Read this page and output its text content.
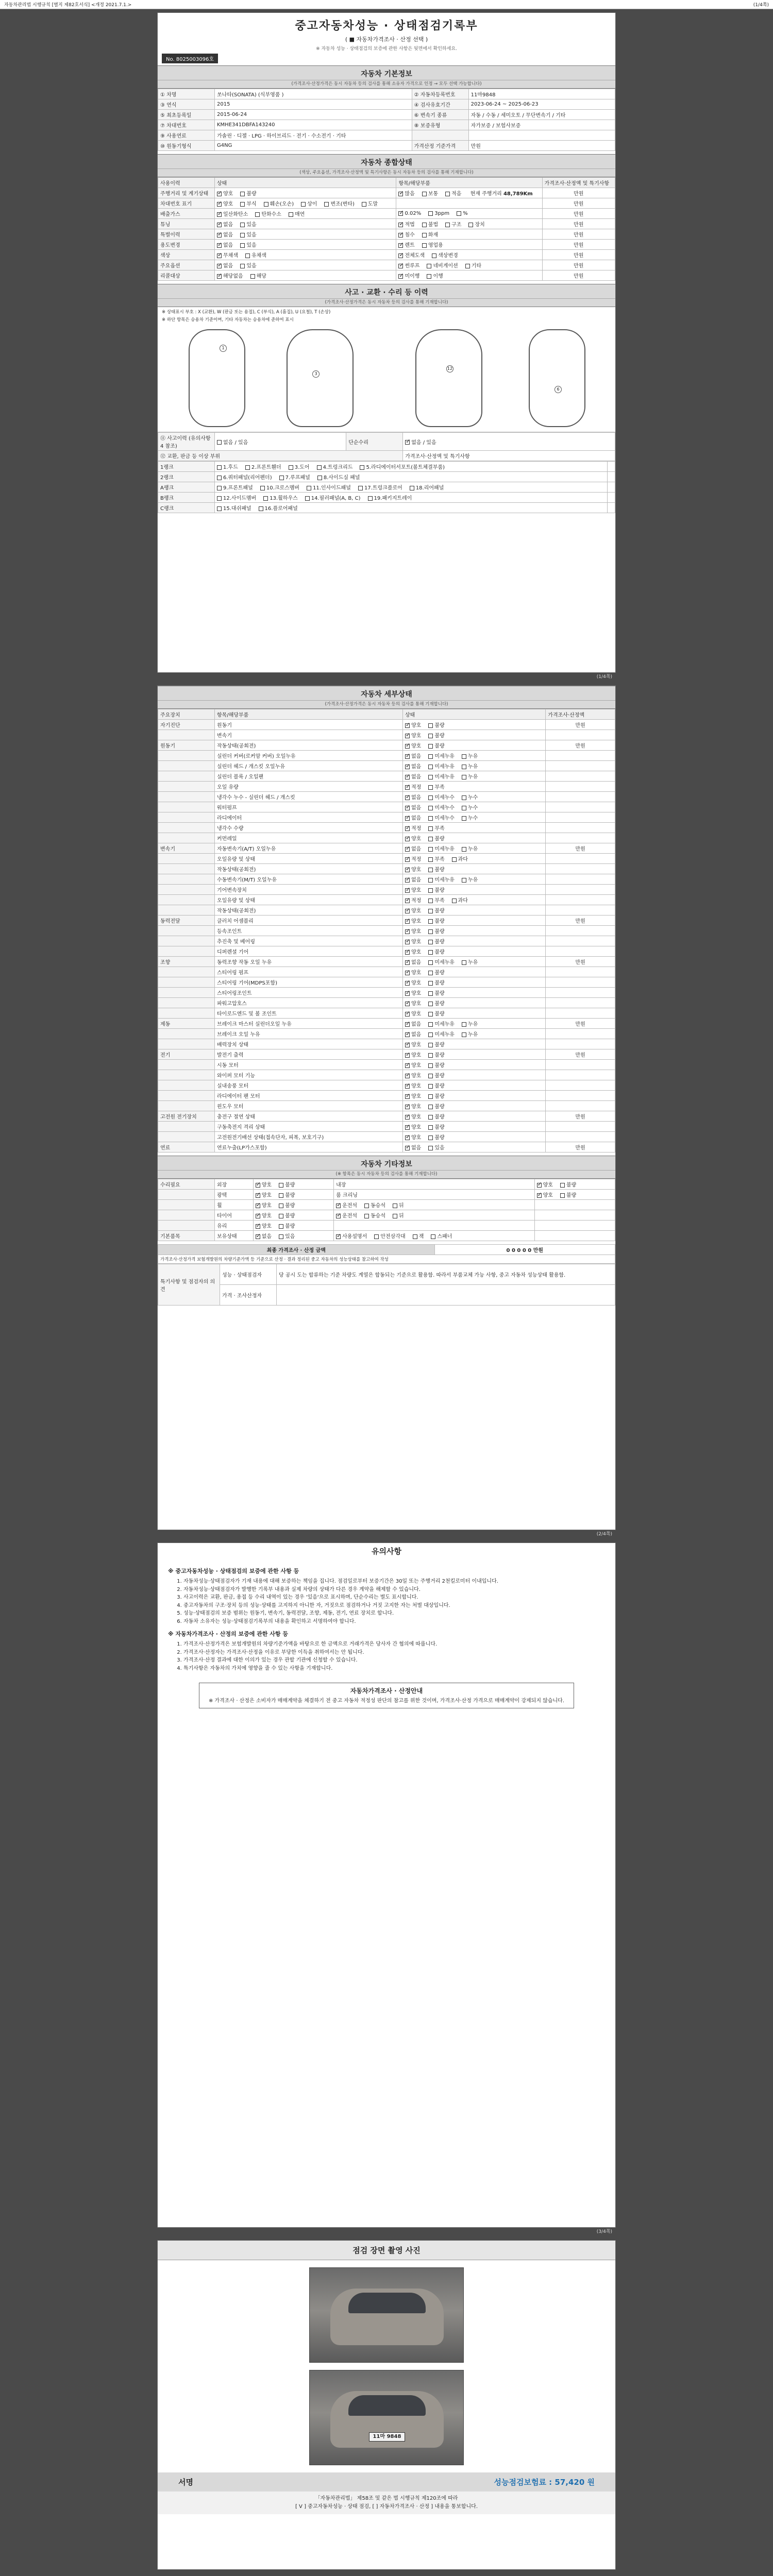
자동차관리법 시행규칙 [별지 제82호서식] <개정 2021.7.1.>	(1/4쪽)
중고자동차성능 · 상태점검기록부
( ■ 자동차가격조사 · 산정 선택 )
※ 자동차 성능 · 상태점검의 보증에 관한 사항은 뒷면에서 확인하세요.
No. 8025003096호
자동차 기본정보
(가격조사·산정가격은 동시 자동차 등의 검사를 통해 소유자 가격으로 인정 → 모두 선택 가능합니다)
① 차명	쏘나타(SONATA) (식부영품 )	② 자동차등록번호	11마9848
③ 연식	2015	④ 검사유효기간	2023-06-24 ~ 2025-06-23
⑤ 최초등록일	2015-06-24	⑥ 변속기 종류	자동 / 수동 / 세미오토 / 무단변속기 / 기타
⑦ 차대번호	KMHE341DBFA143240	⑧ 보증유형	자가보증 / 보험사보증
⑨ 사용연료	가솔린 · 디젤 · LPG · 하이브리드 · 전기 · 수소전기 · 기타		
⑩ 원동기형식	G4NG	가격산정 기준가격	만원
자동차 종합상태
(색상, 주요옵션, 가격조사·산정액 및 특기사항은 동시 자동차 등의 검사를 통해 기재합니다)
사용이력	상태	항목/해당부품	가격조사·산정액 및 특기사항
주행거리 및 계기상태	✓양호 불량	✓많음 보통 적음 현재 주행거리 48,789Km	만원
차대번호 표기	✓양호 부식 훼손(오손) 상이 변조(변타) 도말		만원
배출가스	✓일산화탄소 탄화수소 매연	✓0.02% 3ppm %	만원
튜닝	✓없음 있음	✓적법 불법 구조 장치	만원
특별이력	✓없음 있음	✓침수 화재	만원
용도변경	✓없음 있음	✓렌트 영업용	만원
색상	✓무채색 유채색	✓전체도색 색상변경	만원
주요옵션	✓없음 있음	✓썬루프 네비게이션 기타	만원
리콜대상	✓해당없음 해당	✓미이행 이행	만원
사고 · 교환 · 수리 등 이력
(가격조사·산정가격은 동시 자동차 등의 검사를 통해 기재합니다)
※ 상태표시 부호 : X (교환), W (판금 또는 용접), C (부식), A (흠집), U (요철), T (손상)
※ 하단 항목은 승용차 기준이며, 기타 자동차는 승용차에 준하여 표시
1
3
12
6
⑪ 사고이력 (유의사항 4 참조)	없음 / 있음	단순수리	✓없음 / 있음
⑫ 교환, 판금 등 이상 부위			가격조사·산정액 및 특기사항
1랭크	1.후드 2.프론트휀더 3.도어 4.트렁크리드 5.라디에이터서포트(볼트체결부품)	
2랭크	6.쿼터패널(리어펜더) 7.루프패널 8.사이드실 패널	
A랭크	9.프론트패널 10.크로스멤버 11.인사이드패널 17.트렁크플로어 18.리어패널	
B랭크	12.사이드멤버 13.휠하우스 14.필러패널(A, B, C) 19.패키지트레이	
C랭크	15.대쉬패널 16.플로어패널	
(1/4쪽)
자동차 세부상태
(가격조사·산정가격은 동시 자동차 등의 검사를 통해 기재합니다)
주요장치	항목/해당부품	상태	가격조사·산정액
자기진단	원동기	✓양호 불량	만원
	변속기	✓양호 불량	
원동기	작동상태(공회전)	✓양호 불량	만원
	실린더 커버(로커암 커버) 오일누유	✓없음 미세누유 누유	
	실린더 헤드 / 개스킷 오일누유	✓없음 미세누유 누유	
	실린더 블록 / 오일팬	✓없음 미세누유 누유	
	오일 유량	✓적정 부족	
	냉각수 누수 - 실린더 헤드 / 개스킷	✓없음 미세누수 누수	
	워터펌프	✓없음 미세누수 누수	
	라디에이터	✓없음 미세누수 누수	
	냉각수 수량	✓적정 부족	
	커먼레일	✓양호 불량	
변속기	자동변속기(A/T) 오일누유	✓없음 미세누유 누유	만원
	오일유량 및 상태	✓적정 부족 과다	
	작동상태(공회전)	✓양호 불량	
	수동변속기(M/T) 오일누유	✓없음 미세누유 누유	
	기어변속장치	✓양호 불량	
	오일유량 및 상태	✓적정 부족 과다	
	작동상태(공회전)	✓양호 불량	
동력전달	클러치 어셈블리	✓양호 불량	만원
	등속조인트	✓양호 불량	
	추진축 및 베어링	✓양호 불량	
	디퍼렌셜 기어	✓양호 불량	
조향	동력조향 작동 오일 누유	✓없음 미세누유 누유	만원
	스티어링 펌프	✓양호 불량	
	스티어링 기어(MDPS포함)	✓양호 불량	
	스티어링조인트	✓양호 불량	
	파워고압호스	✓양호 불량	
	타이로드엔드 및 볼 조인트	✓양호 불량	
제동	브레이크 마스터 실린더오일 누유	✓없음 미세누유 누유	만원
	브레이크 오일 누유	✓없음 미세누유 누유	
	배력장치 상태	✓양호 불량	
전기	발전기 출력	✓양호 불량	만원
	시동 모터	✓양호 불량	
	와이퍼 모터 기능	✓양호 불량	
	실내송풍 모터	✓양호 불량	
	라디에이터 팬 모터	✓양호 불량	
	윈도우 모터	✓양호 불량	
고전원 전기장치	충전구 절연 상태	✓양호 불량	만원
	구동축전지 격리 상태	✓양호 불량	
	고전원전기배선 상태(접속단자, 피복, 보호기구)	✓양호 불량	
연료	연료누출(LP가스포함)	✓없음 있음	만원
자동차 기타정보
(※ 항목은 동시 자동차 등의 검사를 통해 기재합니다)
수리필요	외장	✓양호 불량	내장	✓양호 불량
	광택	✓양호 불량	룸 크리닝	✓양호 불량
	휠	✓양호 불량	✓운전석 동승석 뒤	
	타이어	✓양호 불량	✓운전석 동승석 뒤	
	유리	✓양호 불량		
기본품목	보유상태	✓없음 있음	✓사용설명서 안전삼각대 잭 스패너	
최종 가격조사 · 산정 금액	0 0 0 0 0 만원
가격조사·산정가격 보험개발원의 차량기준가액 등 기준으로 산정 · 결과 정리된 중고 자동차의 성능상태를 참고하여 작성
특기사항 및 점검자의 의견	성능 · 상태점검자	당 공시 도는 합류하는 기준 차량도 계열은 합동되는 기준으로 활용함. 따라서 부품교체 가능 사항, 중고 자동차 성능상태 활용함.
	가격 · 조사산정자	
(2/4쪽)
유의사항
※ 중고자동차성능 · 상태점검의 보증에 관한 사항 등
1. 자동차성능·상태점검자가 기재 내용에 대해 보증하는 책임을 집니다. 점검일로부터 보증기간은 30일 또는 주행거리 2천킬로미터 이내입니다.
2. 자동차성능·상태점검자가 발행한 기록부 내용과 실제 차량의 상태가 다른 경우 계약을 해제할 수 있습니다.
3. 사고이력은 교환, 판금, 용접 등 수리 내역이 있는 경우 '있음'으로 표시하며, 단순수리는 별도 표시합니다.
4. 중고자동차의 구조·장치 등의 성능·상태를 고지하지 아니한 자, 거짓으로 점검하거나 거짓 고지한 자는 처벌 대상입니다.
5. 성능·상태점검의 보증 범위는 원동기, 변속기, 동력전달, 조향, 제동, 전기, 연료 장치로 합니다.
6. 자동차 소유자는 성능·상태점검기록부의 내용을 확인하고 서명하여야 합니다.
※ 자동차가격조사 · 산정의 보증에 관한 사항 등
1. 가격조사·산정가격은 보험개발원의 차량기준가액을 바탕으로 한 금액으로 거래가격은 당사자 간 협의에 따릅니다.
2. 가격조사·산정자는 가격조사·산정을 이유로 부당한 이득을 취하여서는 안 됩니다.
3. 가격조사·산정 결과에 대한 이의가 있는 경우 관할 기관에 신청할 수 있습니다.
4. 특기사항은 자동차의 가치에 영향을 줄 수 있는 사항을 기재합니다.
자동차가격조사 · 산정안내
※ 가격조사 · 산정은 소비자가 매매계약을 체결하기 전 중고 자동차 적정성 판단의 참고를 위한 것이며, 가격조사·산정 가격으로 매매계약이 강제되지 않습니다.
(3/4쪽)
점검 장면 촬영 사진
11마 9848
서명	성능점검보험료 : 57,420 원
「자동차관리법」 제58조 및 같은 법 시행규칙 제120조에 따라
[ V ] 중고자동차성능 · 상태 점검, [ ] 자동차가격조사 · 산정 ] 내용을 통보합니다.
